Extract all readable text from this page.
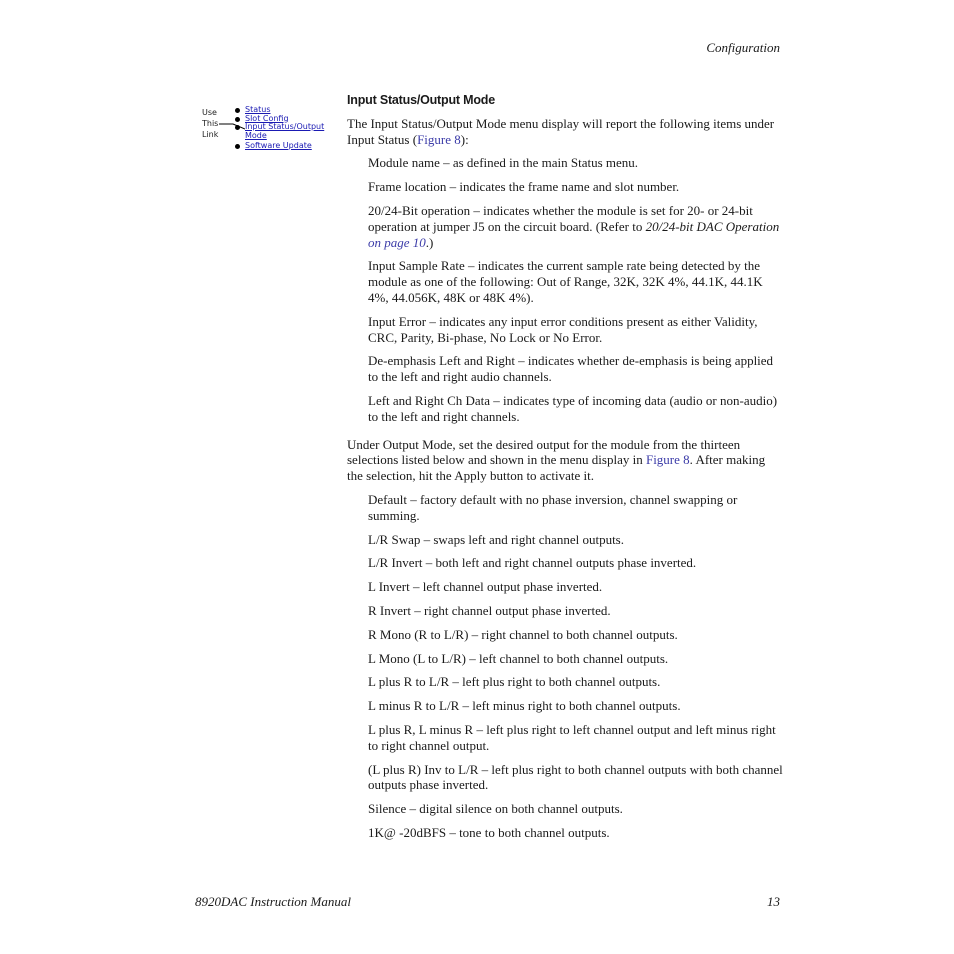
Configuration
Use
This
Link
Status
Slot Config
Input Status/Output
Mode
Software Update
Input Status/Output Mode

The Input Status/Output Mode menu display will report the following items under Input Status (Figure 8):

Module name – as defined in the main Status menu.

Frame location – indicates the frame name and slot number.

20/24-Bit operation – indicates whether the module is set for 20- or 24-bit operation at jumper J5 on the circuit board. (Refer to 20/24-bit DAC Operation on page 10.)

Input Sample Rate – indicates the current sample rate being detected by the module as one of the following: Out of Range, 32K, 32K 4%, 44.1K, 44.1K 4%, 44.056K, 48K or 48K 4%).

Input Error – indicates any input error conditions present as either Validity, CRC, Parity, Bi-phase, No Lock or No Error.

De-emphasis Left and Right – indicates whether de-emphasis is being applied to the left and right audio channels.

Left and Right Ch Data – indicates type of incoming data (audio or non-audio) to the left and right channels.

Under Output Mode, set the desired output for the module from the thirteen selections listed below and shown in the menu display in Figure 8. After making the selection, hit the Apply button to activate it.

Default – factory default with no phase inversion, channel swapping or summing.

L/R Swap – swaps left and right channel outputs.

L/R Invert – both left and right channel outputs phase inverted.

L Invert – left channel output phase inverted.

R Invert – right channel output phase inverted.

R Mono (R to L/R) – right channel to both channel outputs.

L Mono (L to L/R) – left channel to both channel outputs.

L plus R to L/R – left plus right to both channel outputs.

L minus R to L/R – left minus right to both channel outputs.

L plus R, L minus R – left plus right to left channel output and left minus right to right channel output.

(L plus R) Inv to L/R – left plus right to both channel outputs with both channel outputs phase inverted.

Silence – digital silence on both channel outputs.

1K@ -20dBFS – tone to both channel outputs.

8920DAC Instruction Manual	13
